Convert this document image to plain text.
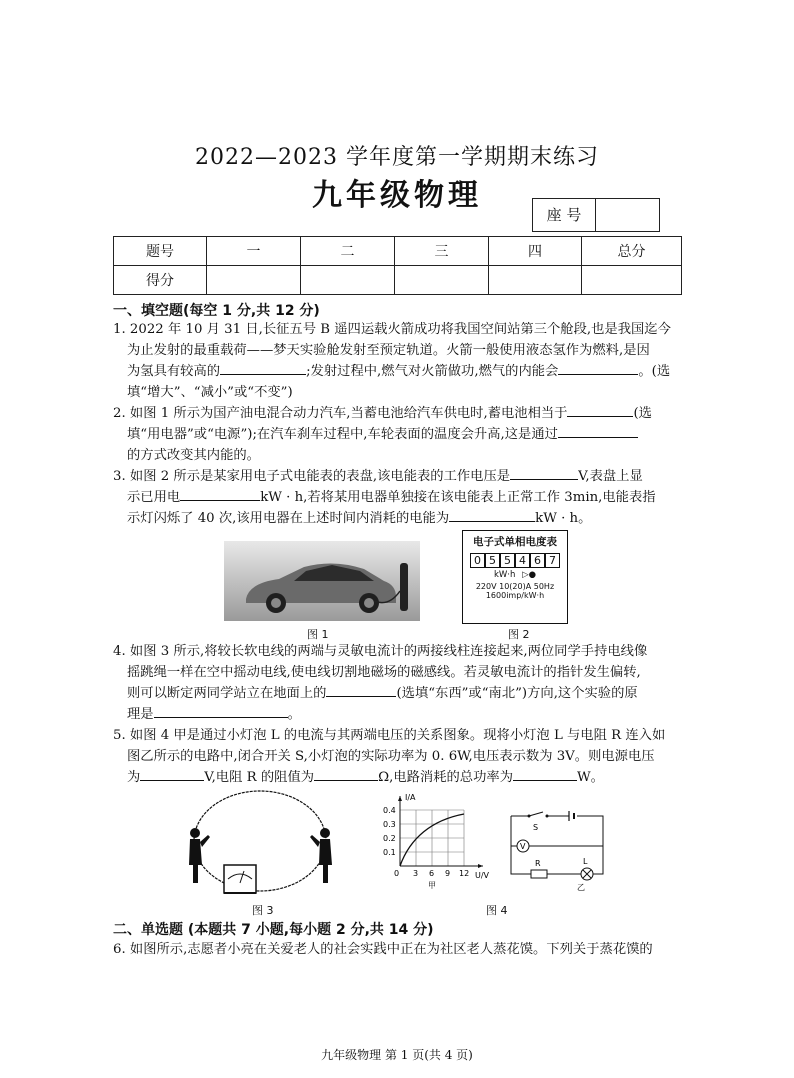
2022—2023 学年度第一学期期末练习
九年级物理
座 号
题号	一	二	三	四	总分
得分					
一、填空题(每空 1 分,共 12 分)
1. 2022 年 10 月 31 日,长征五号 B 遥四运载火箭成功将我国空间站第三个舱段,也是我国迄今

为止发射的最重载荷——梦天实验舱发射至预定轨道。火箭一般使用液态氢作为燃料,是因
为氢具有较高的	;发射过程中,燃气对火箭做功,燃气的内能会	。(选
填“增大”、“减小”或“不变”)
2. 如图 1 所示为国产油电混合动力汽车,当蓄电池给汽车供电时,蓄电池相当于	(选

填“用电器”或“电源”);在汽车刹车过程中,车轮表面的温度会升高,这是通过
的方式改变其内能的。
3. 如图 2 所示是某家用电子式电能表的表盘,该电能表的工作电压是	V,表盘上显

示已用电	kW · h,若将某用电器单独接在该电能表上正常工作 3min,电能表指
示灯闪烁了 40 次,该用电器在上述时间内消耗的电能为	kW · h。
图 1
电子式单相电度表
0 5 5 4 6 7
kW·h ▷●
220V 10(20)A 50Hz
1600imp/kW·h
图 2
4. 如图 3 所示,将较长软电线的两端与灵敏电流计的两接线柱连接起来,两位同学手持电线像

摇跳绳一样在空中摇动电线,使电线切割地磁场的磁感线。若灵敏电流计的指针发生偏转,
则可以断定两同学站立在地面上的	(选填“东西”或“南北”)方向,这个实验的原
理是	。
5. 如图 4 甲是通过小灯泡 L 的电流与其两端电压的关系图象。现将小灯泡 L 与电阻 R 连入如

图乙所示的电路中,闭合开关 S,小灯泡的实际功率为 0. 6W,电压表示数为 3V。则电源电压
为	V,电阻 R 的阻值为	Ω,电路消耗的总功率为	W。
图 3
I/A
U/V
0.4
0.3
0.2
0.1
0 3 6 9 12
甲
V
S
R	L
乙
图 4
二、单选题 (本题共 7 小题,每小题 2 分,共 14 分)
6. 如图所示,志愿者小亮在关爱老人的社会实践中正在为社区老人蒸花馍。下列关于蒸花馍的
九年级物理 第 1 页(共 4 页)
